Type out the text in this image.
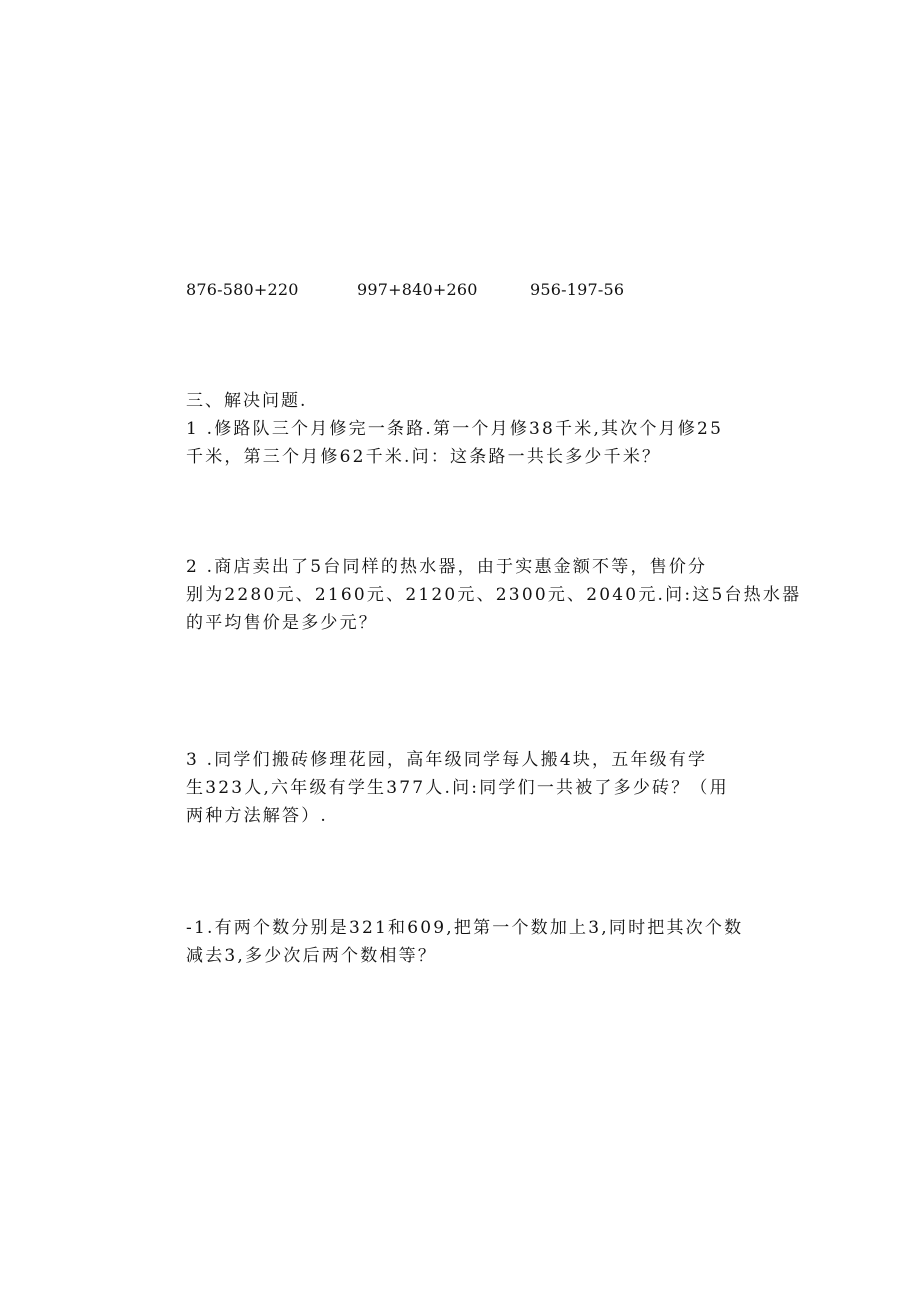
876-580+220	997+840+260	956-197-56
三、解决问题.

1 .修路队三个月修完一条路.第一个月修38千米,其次个月修25

千米，第三个月修62千米.问：这条路一共长多少千米？

2 .商店卖出了5台同样的热水器，由于实惠金额不等，售价分

别为2280元、2160元、2120元、2300元、2040元.问:这5台热水器

的平均售价是多少元？

3 .同学们搬砖修理花园，高年级同学每人搬4块，五年级有学

生323人,六年级有学生377人.问:同学们一共被了多少砖？（用

两种方法解答）.

-1.有两个数分别是321和609,把第一个数加上3,同时把其次个数

减去3,多少次后两个数相等？
